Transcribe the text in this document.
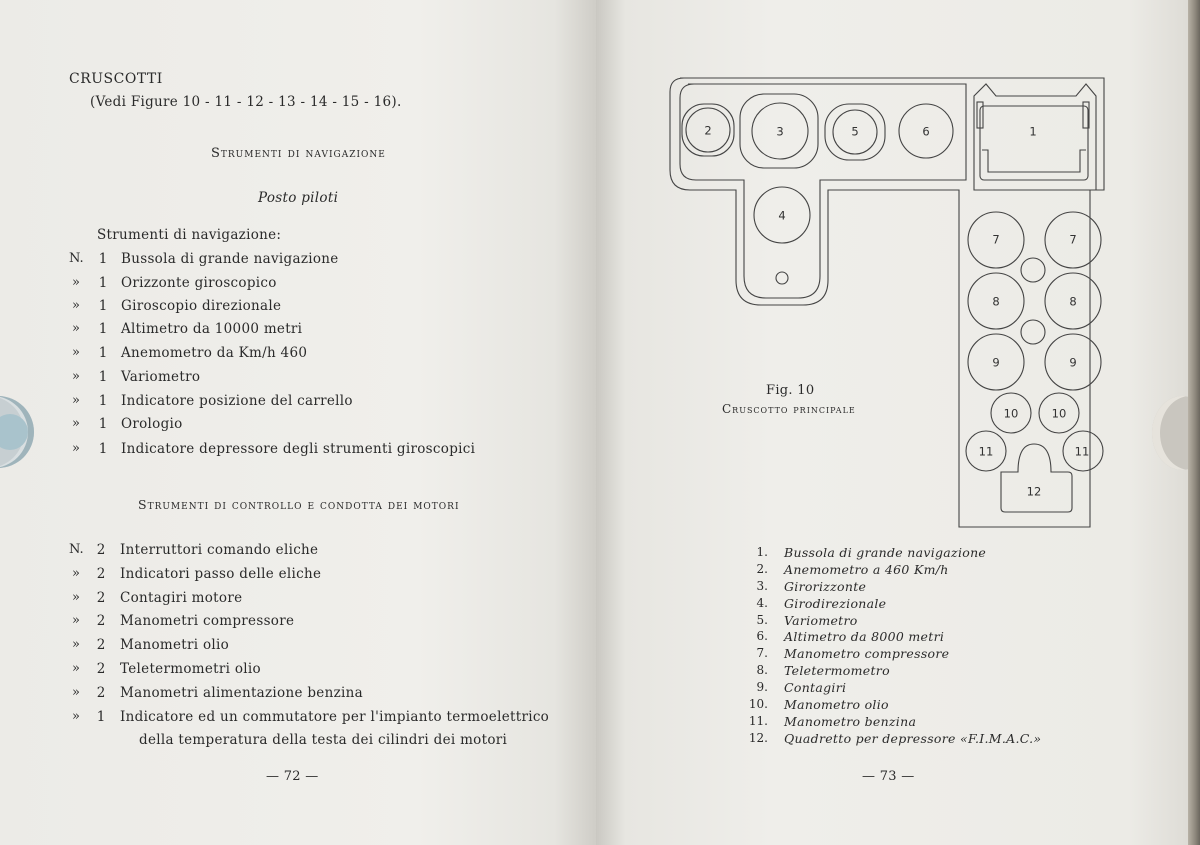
CRUSCOTTI
(Vedi Figure 10 - 11 - 12 - 13 - 14 - 15 - 16).
Strumenti di navigazione
Posto piloti
Strumenti di navigazione:
N.	1 Bussola di grande navigazione
»	1 Orizzonte giroscopico
»	1 Giroscopio direzionale
»	1 Altimetro da 10000 metri
»	1 Anemometro da Km/h 460
»	1 Variometro
»	1 Indicatore posizione del carrello
»	1 Orologio
»	1 Indicatore depressore degli strumenti giroscopici
Strumenti di controllo e condotta dei motori
N. 2 Interruttori comando eliche
»	2 Indicatori passo delle eliche
»	2 Contagiri motore
»	2 Manometri compressore
»	2 Manometri olio
»	2 Teletermometri olio
»	2 Manometri alimentazione benzina
»	1 Indicatore ed un commutatore per l'impianto termoelettrico
della temperatura della testa dei cilindri dei motori
— 72 —
2	3	5	6	1
4
7	7
8	8
9	9
10	10
11	11
12
Fig. 10
Cruscotto principale
1. Bussola di grande navigazione
2. Anemometro a 460 Km/h
3. Girorizzonte
4. Girodirezionale
5. Variometro
6. Altimetro da 8000 metri
7. Manometro compressore
8. Teletermometro
9. Contagiri
10. Manometro olio
11. Manometro benzina
12. Quadretto per depressore «F.I.M.A.C.»
— 73 —
